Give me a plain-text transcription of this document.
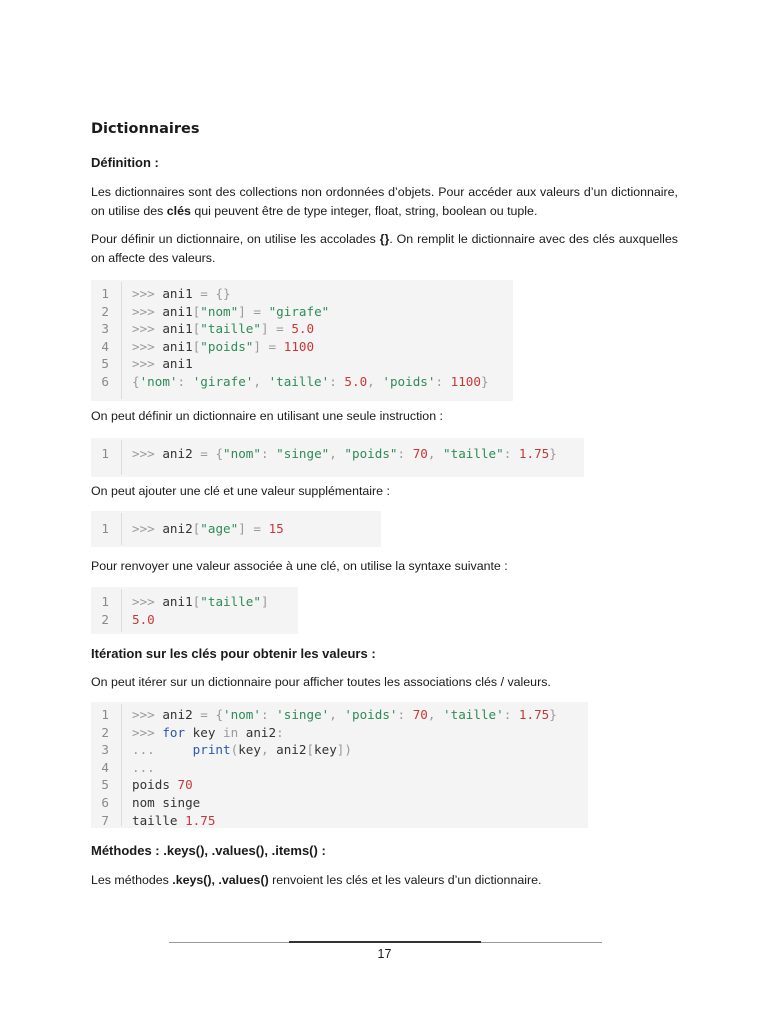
Dictionnaires

Définition :

Les dictionnaires sont des collections non ordonnées d’objets. Pour accéder aux valeurs d’un dictionnaire, on utilise des clés qui peuvent être de type integer, float, string, boolean ou tuple.

Pour définir un dictionnaire, on utilise les accolades {}. On remplit le dictionnaire avec des clés auxquelles on affecte des valeurs.

1 >>> ani1 = {}
2 >>> ani1["nom"] = "girafe"
3 >>> ani1["taille"] = 5.0
4 >>> ani1["poids"] = 1100
5 >>> ani1
6 {'nom': 'girafe', 'taille': 5.0, 'poids': 1100}

On peut définir un dictionnaire en utilisant une seule instruction :

1 >>> ani2 = {"nom": "singe", "poids": 70, "taille": 1.75}

On peut ajouter une clé et une valeur supplémentaire :

1 >>> ani2["age"] = 15

Pour renvoyer une valeur associée à une clé, on utilise la syntaxe suivante :

1 >>> ani1["taille"]
2 5.0

Itération sur les clés pour obtenir les valeurs :

On peut itérer sur un dictionnaire pour afficher toutes les associations clés / valeurs.

1 >>> ani2 = {'nom': 'singe', 'poids': 70, 'taille': 1.75}
2 >>> for key in ani2:
3 ...     print(key, ani2[key])
4 ...
5 poids 70
6 nom singe
7 taille 1.75

Méthodes : .keys(), .values(), .items() :

Les méthodes .keys(), .values() renvoient les clés et les valeurs d’un dictionnaire.

17
